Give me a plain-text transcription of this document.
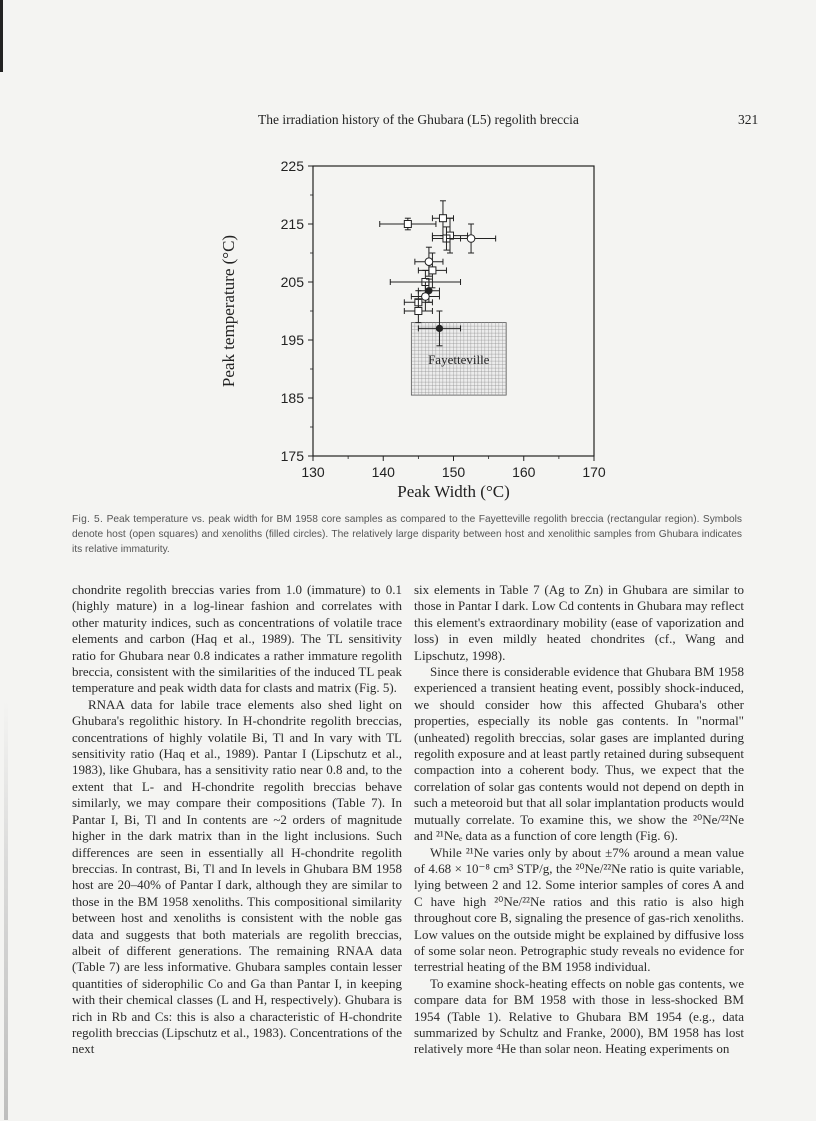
The irradiation history of the Ghubara (L5) regolith breccia	321
Fayetteville
130	140	150	160	170
175
185
195
205
215
225
Peak Width (°C)
Peak temperature (°C)
Fig. 5. Peak temperature vs. peak width for BM 1958 core samples as compared to the Fayetteville regolith breccia (rectangular region). Symbols denote host (open squares) and xenoliths (filled circles). The relatively large disparity between host and xenolithic samples from Ghubara indicates its relative immaturity.

chondrite regolith breccias varies from 1.0 (immature) to 0.1 (highly mature) in a log-linear fashion and correlates with other maturity indices, such as concentrations of volatile trace elements and carbon (Haq et al., 1989). The TL sensitivity ratio for Ghubara near 0.8 indicates a rather immature regolith breccia, consistent with the similarities of the induced TL peak temperature and peak width data for clasts and matrix (Fig. 5).

RNAA data for labile trace elements also shed light on Ghubara's regolithic history. In H-chondrite regolith breccias, concentrations of highly volatile Bi, Tl and In vary with TL sensitivity ratio (Haq et al., 1989). Pantar I (Lipschutz et al., 1983), like Ghubara, has a sensitivity ratio near 0.8 and, to the extent that L- and H-chondrite regolith breccias behave similarly, we may compare their compositions (Table 7). In Pantar I, Bi, Tl and In contents are ~2 orders of magnitude higher in the dark matrix than in the light inclusions. Such differences are seen in essentially all H-chondrite regolith breccias. In contrast, Bi, Tl and In levels in Ghubara BM 1958 host are 20–40% of Pantar I dark, although they are similar to those in the BM 1958 xenoliths. This compositional similarity between host and xenoliths is consistent with the noble gas data and suggests that both materials are regolith breccias, albeit of different generations. The remaining RNAA data (Table 7) are less informative. Ghubara samples contain lesser quantities of siderophilic Co and Ga than Pantar I, in keeping with their chemical classes (L and H, respectively). Ghubara is rich in Rb and Cs: this is also a characteristic of H-chondrite regolith breccias (Lipschutz et al., 1983). Concentrations of the next

six elements in Table 7 (Ag to Zn) in Ghubara are similar to those in Pantar I dark. Low Cd contents in Ghubara may reflect this element's extraordinary mobility (ease of vaporization and loss) in even mildly heated chondrites (cf., Wang and Lipschutz, 1998).

Since there is considerable evidence that Ghubara BM 1958 experienced a transient heating event, possibly shock-induced, we should consider how this affected Ghubara's other properties, especially its noble gas contents. In "normal" (unheated) regolith breccias, solar gases are implanted during regolith exposure and at least partly retained during subsequent compaction into a coherent body. Thus, we expect that the correlation of solar gas contents would not depend on depth in such a meteoroid but that all solar implantation products would mutually correlate. To examine this, we show the ²⁰Ne/²²Ne and ²¹Neₑ data as a function of core length (Fig. 6).

While ²¹Ne varies only by about ±7% around a mean value of 4.68 × 10⁻⁸ cm³ STP/g, the ²⁰Ne/²²Ne ratio is quite variable, lying between 2 and 12. Some interior samples of cores A and C have high ²⁰Ne/²²Ne ratios and this ratio is also high throughout core B, signaling the presence of gas-rich xenoliths. Low values on the outside might be explained by diffusive loss of some solar neon. Petrographic study reveals no evidence for terrestrial heating of the BM 1958 individual.

To examine shock-heating effects on noble gas contents, we compare data for BM 1958 with those in less-shocked BM 1954 (Table 1). Relative to Ghubara BM 1954 (e.g., data summarized by Schultz and Franke, 2000), BM 1958 has lost relatively more ⁴He than solar neon. Heating experiments on
